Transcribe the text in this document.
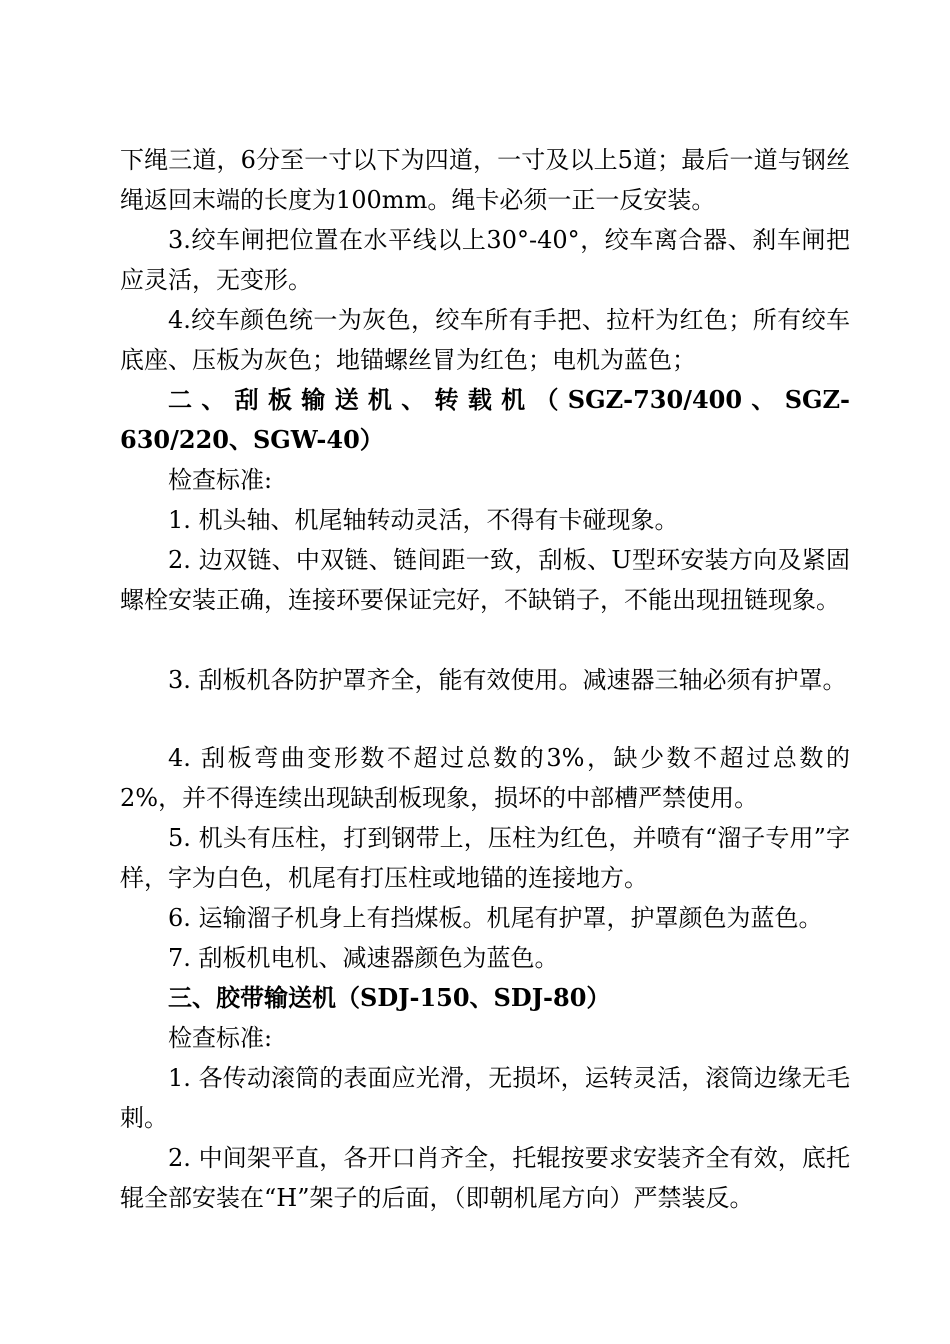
下绳三道，6分至一寸以下为四道，一寸及以上5道；最后一道与钢丝绳返回末端的长度为100mm。绳卡必须一正一反安装。

3.绞车闸把位置在水平线以上30°-40°，绞车离合器、刹车闸把应灵活，无变形。

4.绞车颜色统一为灰色，绞车所有手把、拉杆为红色；所有绞车底座、压板为灰色；地锚螺丝冒为红色；电机为蓝色；

二、刮板输送机、转载机（SGZ-730/400、SGZ-630/220、SGW-40）

检查标准:

1. 机头轴、机尾轴转动灵活，不得有卡碰现象。

2. 边双链、中双链、链间距一致，刮板、U型环安装方向及紧固螺栓安装正确，连接环要保证完好，不缺销子，不能出现扭链现象。

3. 刮板机各防护罩齐全，能有效使用。减速器三轴必须有护罩。

4. 刮板弯曲变形数不超过总数的3%，缺少数不超过总数的2%，并不得连续出现缺刮板现象，损坏的中部槽严禁使用。

5. 机头有压柱，打到钢带上，压柱为红色，并喷有“溜子专用”字样，字为白色，机尾有打压柱或地锚的连接地方。

6. 运输溜子机身上有挡煤板。机尾有护罩，护罩颜色为蓝色。

7. 刮板机电机、减速器颜色为蓝色。

三、胶带输送机（SDJ-150、SDJ-80）

检查标准:

1. 各传动滚筒的表面应光滑，无损坏，运转灵活，滚筒边缘无毛刺。

2. 中间架平直，各开口肖齐全，托辊按要求安装齐全有效，底托辊全部安装在“H”架子的后面，（即朝机尾方向）严禁装反。
